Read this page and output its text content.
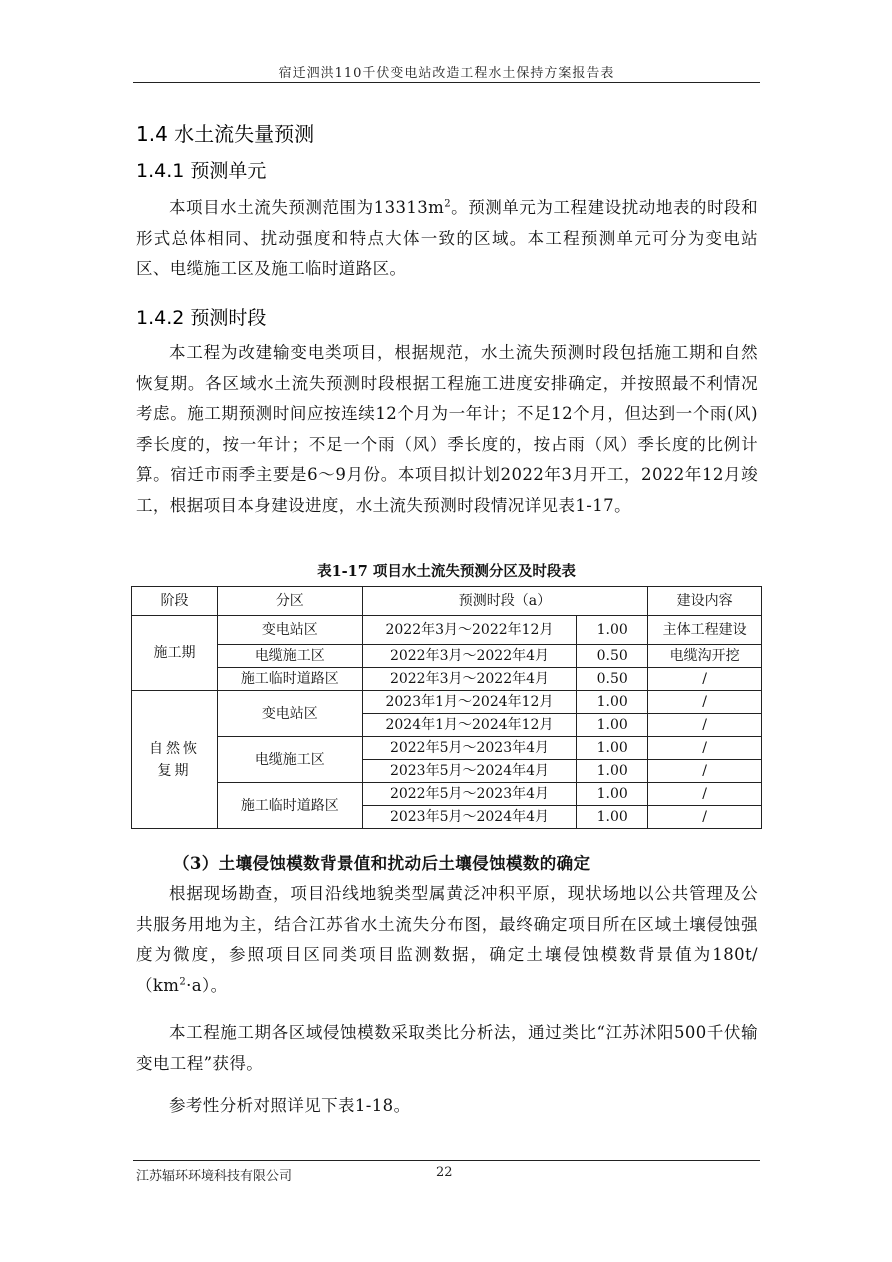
宿迁泗洪110千伏变电站改造工程水土保持方案报告表
1.4 水土流失量预测
1.4.1 预测单元

本项目水土流失预测范围为$13313m^2$。预测单元为工程建设扰动地表的时段和形式总体相同、扰动强度和特点大体一致的区域。本工程预测单元可分为变电站区、电缆施工区及施工临时道路区。

1.4.2 预测时段

本工程为改建输变电类项目，根据规范，水土流失预测时段包括施工期和自然恢复期。各区域水土流失预测时段根据工程施工进度安排确定，并按照最不利情况考虑。施工期预测时间应按连续12个月为一年计；不足12个月，但达到一个雨(风)季长度的，按一年计；不足一个雨（风）季长度的，按占雨（风）季长度的比例计算。宿迁市雨季主要是6～9月份。本项目拟计划2022年3月开工，2022年12月竣工，根据项目本身建设进度，水土流失预测时段情况详见表1-17。

表1-17 项目水土流失预测分区及时段表
阶段	分区	预测时段（a）		建设内容
施工期	变电站区	2022年3月～2022年12月	1.00	主体工程建设
	电缆施工区	2022年3月～2022年4月	0.50	电缆沟开挖
	施工临时道路区	2022年3月～2022年4月	0.50	/
自然恢复期	变电站区	2023年1月～2024年12月	1.00	/
		2024年1月～2024年12月	1.00	/
	电缆施工区	2022年5月～2023年4月	1.00	/
		2023年5月～2024年4月	1.00	/
	施工临时道路区	2022年5月～2023年4月	1.00	/
		2023年5月～2024年4月	1.00	/
（3）土壤侵蚀模数背景值和扰动后土壤侵蚀模数的确定

根据现场勘查，项目沿线地貌类型属黄泛冲积平原，现状场地以公共管理及公共服务用地为主，结合江苏省水土流失分布图，最终确定项目所在区域土壤侵蚀强度为微度，参照项目区同类项目监测数据，确定土壤侵蚀模数背景值为$180t/(km^2\cdot a)$。

本工程施工期各区域侵蚀模数采取类比分析法，通过类比“江苏沭阳500千伏输变电工程”获得。

参考性分析对照详见下表1-18。

江苏辐环环境科技有限公司	22
